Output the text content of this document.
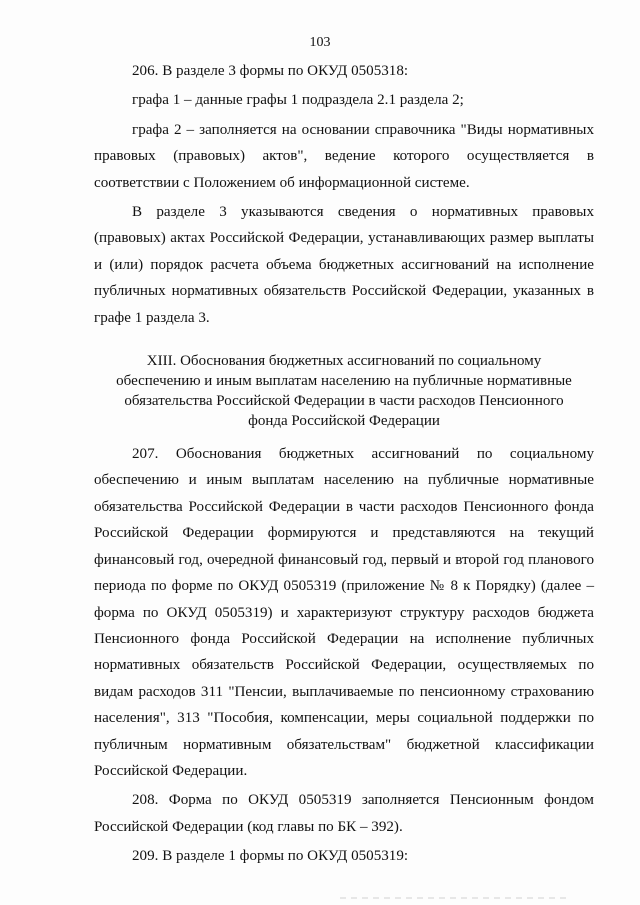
103

206. В разделе 3 формы по ОКУД 0505318:

графа 1 – данные графы 1 подраздела 2.1 раздела 2;

графа 2 – заполняется на основании справочника "Виды нормативных правовых (правовых) актов", ведение которого осуществляется в соответствии с Положением об информационной системе.

В разделе 3 указываются сведения о нормативных правовых (правовых) актах Российской Федерации, устанавливающих размер выплаты и (или) порядок расчета объема бюджетных ассигнований на исполнение публичных нормативных обязательств Российской Федерации, указанных в графе 1 раздела 3.

XIII. Обоснования бюджетных ассигнований по социальному обеспечению и иным выплатам населению на публичные нормативные обязательства Российской Федерации в части расходов Пенсионного фонда Российской Федерации

207. Обоснования бюджетных ассигнований по социальному обеспечению и иным выплатам населению на публичные нормативные обязательства Российской Федерации в части расходов Пенсионного фонда Российской Федерации формируются и представляются на текущий финансовый год, очередной финансовый год, первый и второй год планового периода по форме по ОКУД 0505319 (приложение № 8 к Порядку) (далее – форма по ОКУД 0505319) и характеризуют структуру расходов бюджета Пенсионного фонда Российской Федерации на исполнение публичных нормативных обязательств Российской Федерации, осуществляемых по видам расходов 311 "Пенсии, выплачиваемые по пенсионному страхованию населения", 313 "Пособия, компенсации, меры социальной поддержки по публичным нормативным обязательствам" бюджетной классификации Российской Федерации.

208. Форма по ОКУД 0505319 заполняется Пенсионным фондом Российской Федерации (код главы по БК – 392).

209. В разделе 1 формы по ОКУД 0505319:
